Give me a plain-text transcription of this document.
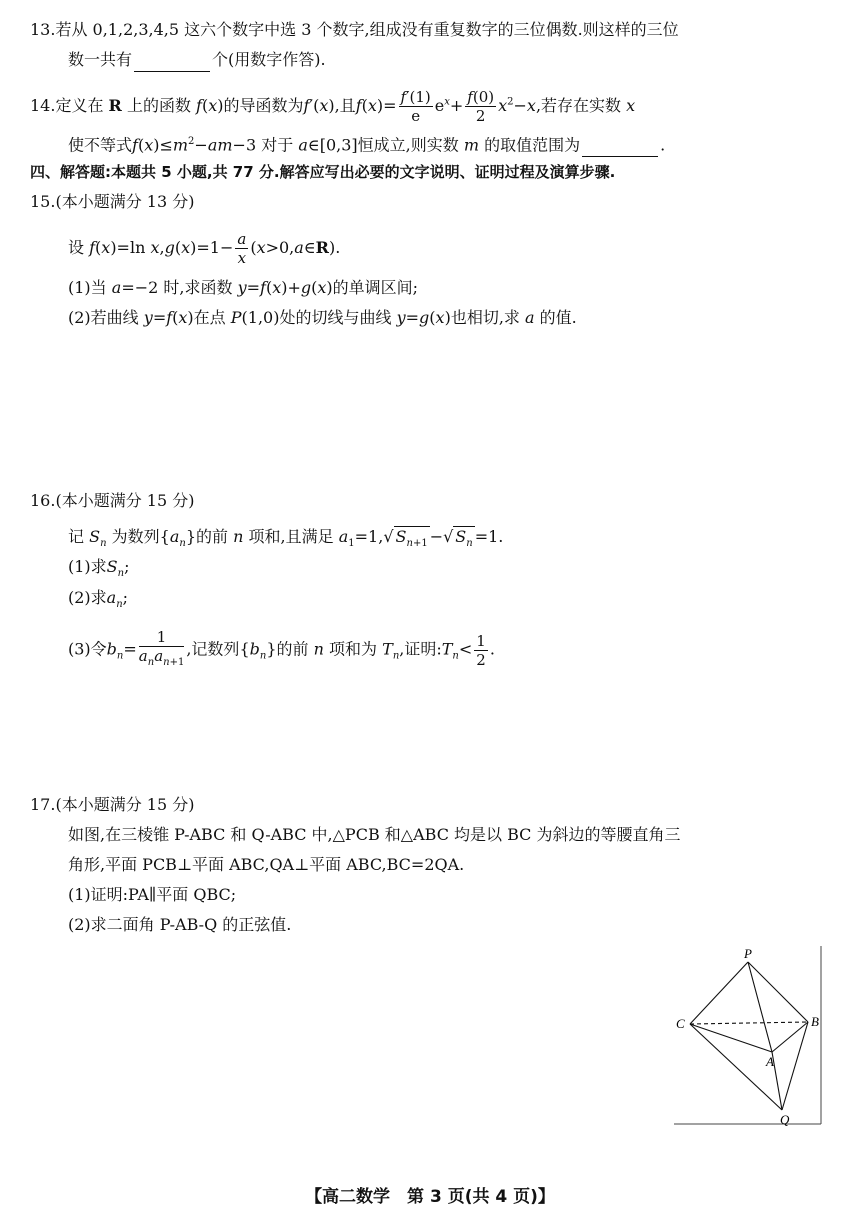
13.若从 0,1,2,3,4,5 这六个数字中选 3 个数字,组成没有重复数字的三位偶数.则这样的三位
数一共有	个(用数字作答).
14.定义在 R 上的函数 f(x)的导函数为f′(x),且$f(x)= \frac{f'(1)}{e} e^x+ \frac{f(0)}{2} x^2-x$,若存在实数 x
使不等式$f(x)\le m^2-am-3$ 对于 a∈[0,3]恒成立,则实数 m 的取值范围为	.
四、解答题:本题共 5 小题,共 77 分.解答应写出必要的文字说明、证明过程及演算步骤.
15.(本小题满分 13 分)
设 f(x)=ln $x,g(x)=1- \frac{a}{x}$ (x>0,a∈R).
(1)当 a=−2 时,求函数 y=f(x)+g(x)的单调区间;
(2)若曲线 y=f(x)在点 P(1,0)处的切线与曲线 y=g(x)也相切,求 a 的值.
16.(本小题满分 15 分)
记 $S_n$ 为数列$\{a_n\}$的前 n 项和,且满足 $a_1=1,√$ $S_{n+1}$ −√ $S_n =1$.
(1)求$S_n$;
(2)求$a_n$;
(3)令$b_n= \frac{1}{a_na_{n+1}}$ ,记数列$\{b_n\}$的前 n 项和为 $T_n$,证明$:T_n< \frac{1}{2}$ .
17.(本小题满分 15 分)
如图,在三棱锥 P-ABC 和 Q-ABC 中,△PCB 和△ABC 均是以 BC 为斜边的等腰直角三
角形,平面 PCB⊥平面 ABC,QA⊥平面 ABC,BC=2QA.
(1)证明:PA∥平面 QBC;
(2)求二面角 P-AB-Q 的正弦值.
P
C	B
A
Q
【高二数学　第 3 页(共 4 页)】
